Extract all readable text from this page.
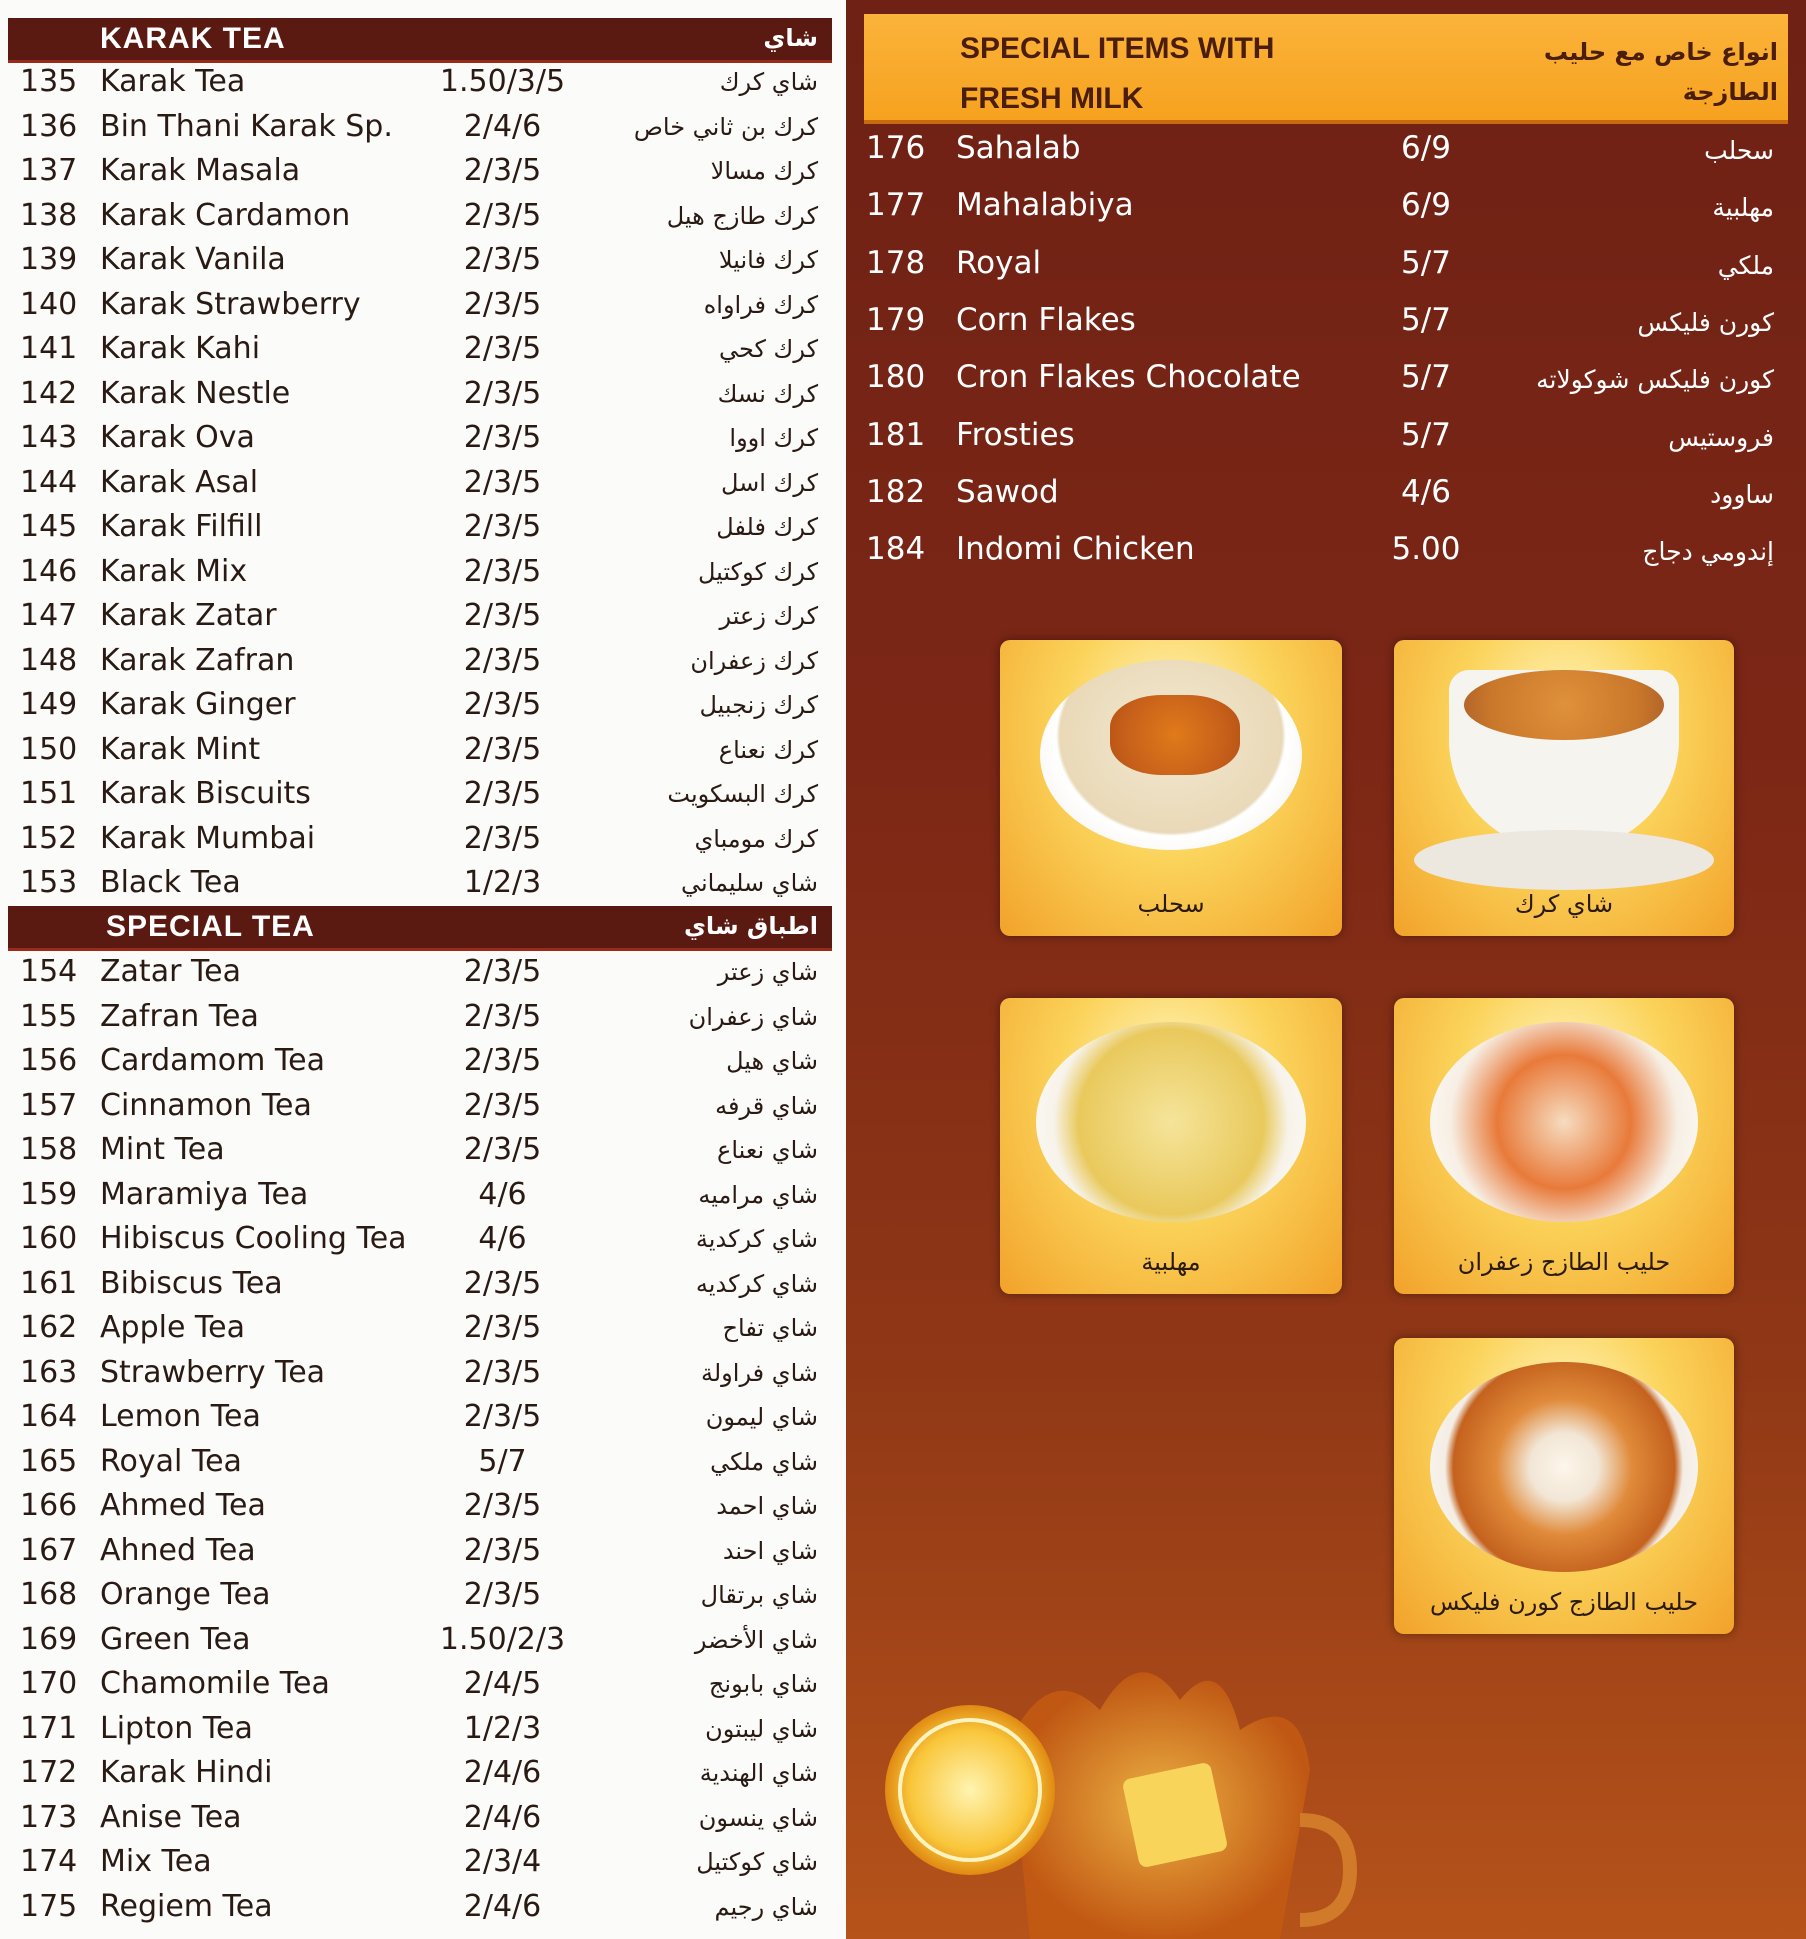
KARAK TEA	شاي
135 Karak Tea	1.50/3/5	شاي كرك
136 Bin Thani Karak Sp.	2/4/6	كرك بن ثاني خاص
137 Karak Masala	2/3/5	كرك مسالا
138 Karak Cardamon	2/3/5	كرك طازج هيل
139 Karak Vanila	2/3/5	كرك فانيلا
140 Karak Strawberry	2/3/5	كرك فراواه
141 Karak Kahi	2/3/5	كرك كحي
142 Karak Nestle	2/3/5	كرك نسك
143 Karak Ova	2/3/5	كرك اووا
144 Karak Asal	2/3/5	كرك اسل
145 Karak Filfill	2/3/5	كرك فلفل
146 Karak Mix	2/3/5	كرك كوكتيل
147 Karak Zatar	2/3/5	كرك زعتر
148 Karak Zafran	2/3/5	كرك زعفران
149 Karak Ginger	2/3/5	كرك زنجبيل
150 Karak Mint	2/3/5	كرك نعناع
151 Karak Biscuits	2/3/5	كرك البسكويت
152 Karak Mumbai	2/3/5	كرك مومباي
153 Black Tea	1/2/3	شاي سليماني
SPECIAL TEA	اطباق شاي
154 Zatar Tea	2/3/5	شاي زعتر
155 Zafran Tea	2/3/5	شاي زعفران
156 Cardamom Tea	2/3/5	شاي هيل
157 Cinnamon Tea	2/3/5	شاي قرفه
158 Mint Tea	2/3/5	شاي نعناع
159 Maramiya Tea	4/6	شاي مراميه
160 Hibiscus Cooling Tea	4/6	شاي كركدية
161 Bibiscus Tea	2/3/5	شاي كركديه
162 Apple Tea	2/3/5	شاي تفاح
163 Strawberry Tea	2/3/5	شاي فراولة
164 Lemon Tea	2/3/5	شاي ليمون
165 Royal Tea	5/7	شاي ملكي
166 Ahmed Tea	2/3/5	شاي احمد
167 Ahned Tea	2/3/5	شاي احند
168 Orange Tea	2/3/5	شاي برتقال
169 Green Tea	1.50/2/3	شاي الأخضر
170 Chamomile Tea	2/4/5	شاي بابونج
171 Lipton Tea	1/2/3	شاي ليبتون
172 Karak Hindi	2/4/6	شاي الهندية
173 Anise Tea	2/4/6	شاي ينسون
174 Mix Tea	2/3/4	شاي كوكتيل
175 Regiem Tea	2/4/6	شاي رجيم
SPECIAL ITEMS WITH
FRESH MILK
انواع خاص مع حليب
الطازجة
176 Sahalab	6/9	سحلب
177 Mahalabiya	6/9	مهلبية
178 Royal	5/7	ملكي
179 Corn Flakes	5/7	كورن فليكس
180 Cron Flakes Chocolate	5/7	كورن فليكس شوكولاته
181 Frosties	5/7	فروستيس
182 Sawod	4/6	ساوود
184 Indomi Chicken	5.00	إندومي دجاج
سحلب	شاي كرك
مهلبية	حليب الطازج زعفران
حليب الطازج كورن فليكس
